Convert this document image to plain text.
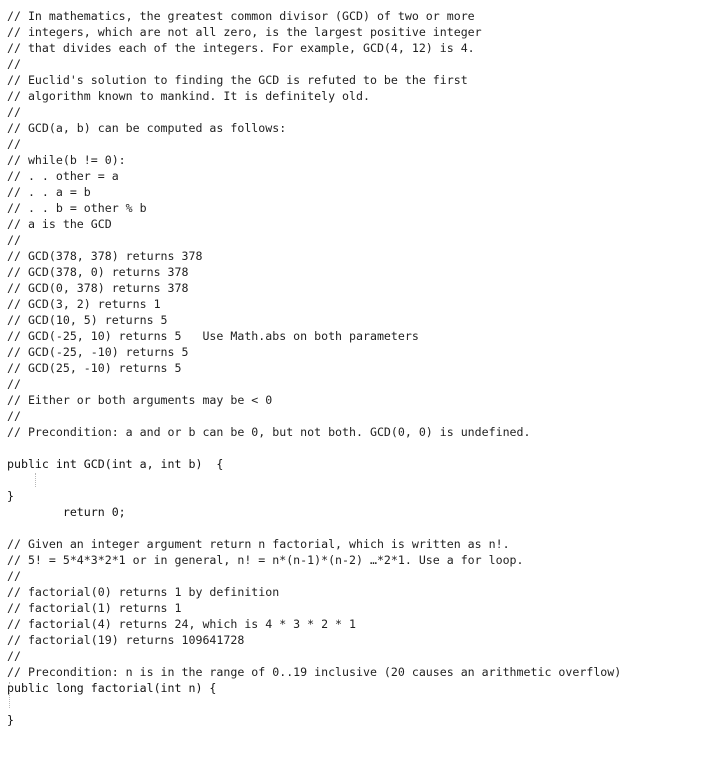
// In mathematics, the greatest common divisor (GCD) of two or more
// integers, which are not all zero, is the largest positive integer
// that divides each of the integers. For example, GCD(4, 12) is 4.
//
// Euclid's solution to finding the GCD is refuted to be the first
// algorithm known to mankind. It is definitely old.
//
// GCD(a, b) can be computed as follows:
//
// while(b != 0):
// . . other = a
// . . a = b
// . . b = other % b
// a is the GCD
//
// GCD(378, 378) returns 378
// GCD(378, 0) returns 378
// GCD(0, 378) returns 378
// GCD(3, 2) returns 1
// GCD(10, 5) returns 5
// GCD(-25, 10) returns 5   Use Math.abs on both parameters
// GCD(-25, -10) returns 5
// GCD(25, -10) returns 5
//
// Either or both arguments may be < 0
//
// Precondition: a and or b can be 0, but not both. GCD(0, 0) is undefined.
public int GCD(int a, int b)  {

return 0;

}
// Given an integer argument return n factorial, which is written as n!.
// 5! = 5*4*3*2*1 or in general, n! = n*(n-1)*(n-2) …*2*1. Use a for loop.
//
// factorial(0) returns 1 by definition
// factorial(1) returns 1
// factorial(4) returns 24, which is 4 * 3 * 2 * 1
// factorial(19) returns 109641728
//
// Precondition: n is in the range of 0..19 inclusive (20 causes an arithmetic overflow)
public long factorial(int n) {

}
